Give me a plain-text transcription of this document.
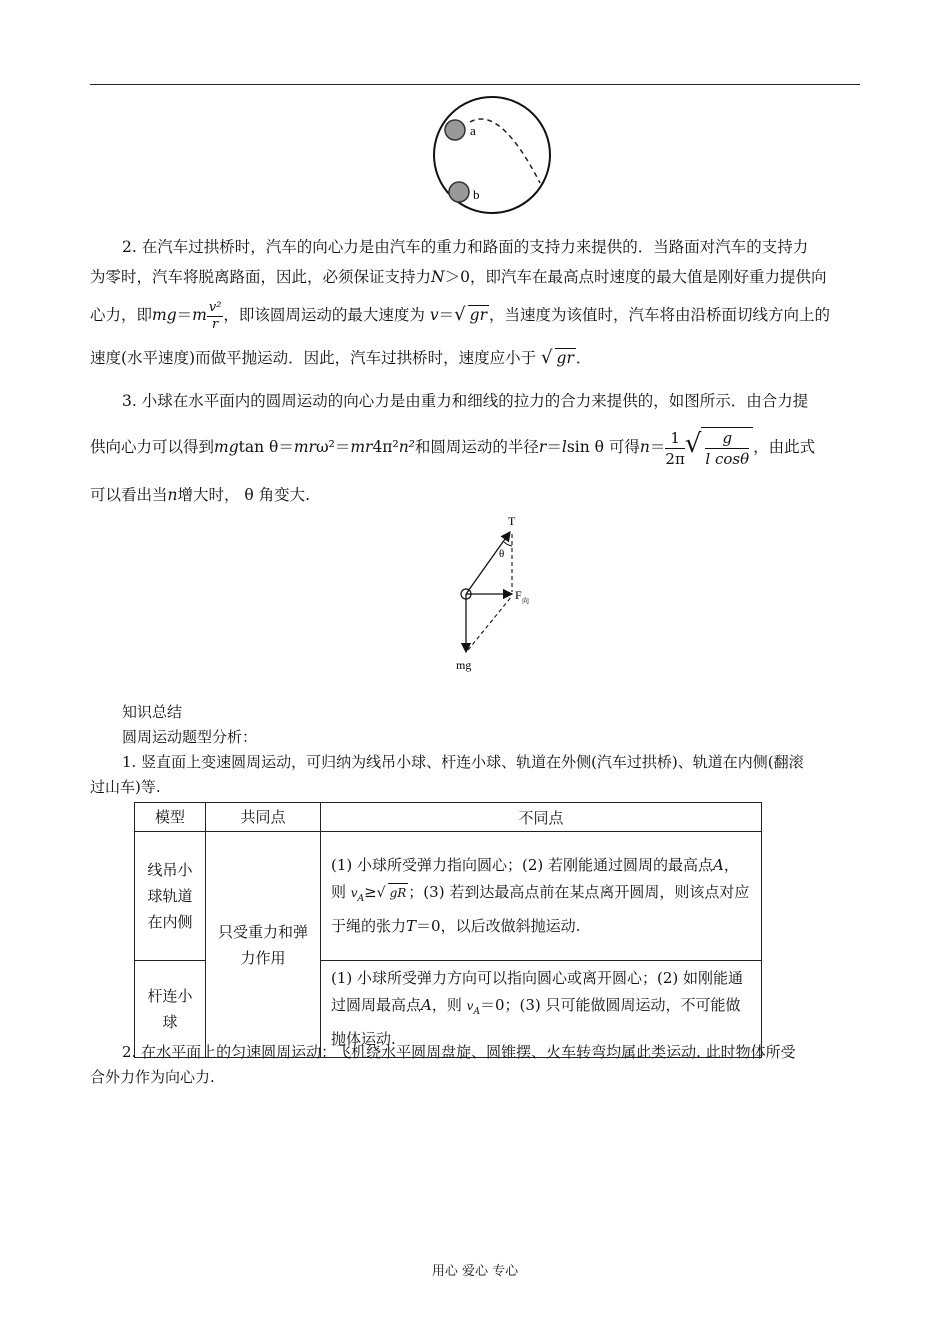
a
b
2. 在汽车过拱桥时，汽车的向心力是由汽车的重力和路面的支持力来提供的．当路面对汽车的支持力
为零时，汽车将脱离路面，因此，必须保证支持力N＞0，即汽车在最高点时速度的最大值是刚好重力提供向
心力，即$mg=m \frac{\text{v²}}{r}$ ，即该圆周运动的最大速度为 v＝√ gr ，当速度为该值时，汽车将由沿桥面切线方向上的
速度(水平速度)而做平抛运动．因此，汽车过拱桥时，速度应小于 √ gr ．
3. 小球在水平面内的圆周运动的向心力是由重力和细线的拉力的合力来提供的，如图所示．由合力提
供向心力可以得到mgtan θ＝mrω²＝mr4π²n²和圆周运动的半径r＝lsin θ 可得$n= \frac{1}{2\pi}$ √ $\frac{g}{\text{l cosθ}}$ ，由此式
可以看出当n增大时， θ 角变大.
T
θ
F 向
mg
知识总结
圆周运动题型分析：
1. 竖直面上变速圆周运动，可归纳为线吊小球、杆连小球、轨道在外侧(汽车过拱桥)、轨道在内侧(翻滚
过山车)等.
模型	共同点	不同点
线吊小球轨道在内侧	只受重力和弹力作用	(1) 小球所受弹力指向圆心；(2) 若刚能通过圆周的最高点A，则 $v_A\ge√$ gR ；(3) 若到达最高点前在某点离开圆周，则该点对应于绳的张力T＝0，以后改做斜抛运动.
杆连小球		(1) 小球所受弹力方向可以指向圆心或离开圆心；(2) 如刚能通过圆周最高点A，则 $v_A=0$；(3) 只可能做圆周运动，不可能做抛体运动.
2. 在水平面上的匀速圆周运动：飞机绕水平圆周盘旋、圆锥摆、火车转弯均属此类运动. 此时物体所受
合外力作为向心力.
用心 爱心 专心
